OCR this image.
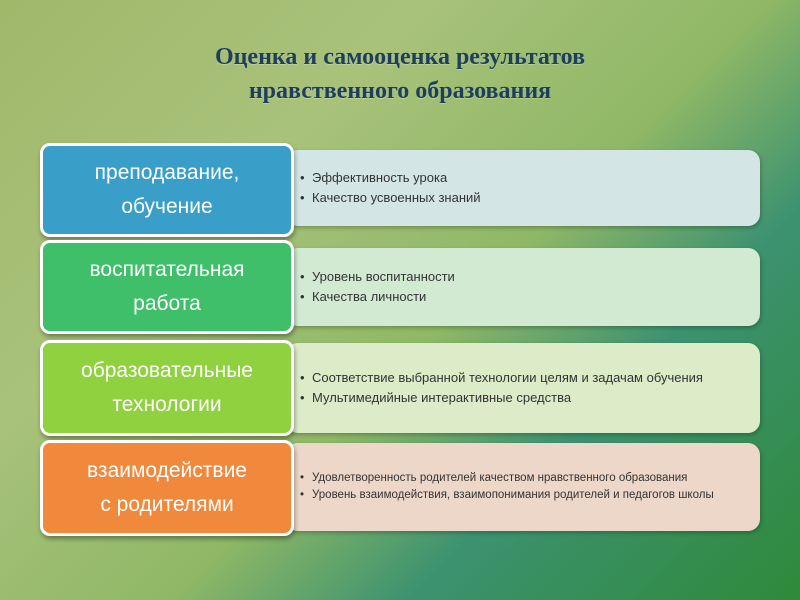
Оценка и самооценка результатов
нравственного образования
• Эффективность урока
• Качество усвоенных знаний
преподавание,
обучение
• Уровень воспитанности
• Качества личности
воспитательная
работа
• Соответствие выбранной технологии целям и задачам обучения
• Мультимедийные интерактивные средства
образовательные
технологии
• Удовлетворенность родителей качеством нравственного образования
• Уровень взаимодействия, взаимопонимания родителей и педагогов школы
взаимодействие
с родителями
